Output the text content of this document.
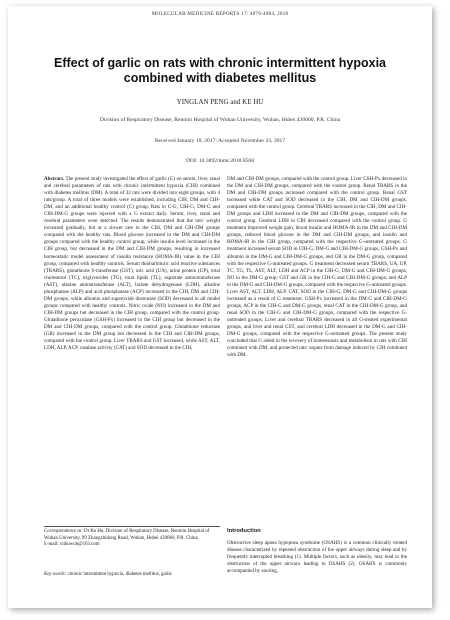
MOLECULAR MEDICINE REPORTS 17: 4076-4084, 2018
Effect of garlic on rats with chronic intermittent hypoxia combined with diabetes mellitus
YINGLAN PENG and KE HU
Division of Respiratory Disease, Renmin Hospital of Wuhan University, Wuhan, Hubei 430060, P.R. China
Received January 18, 2017; Accepted November 23, 2017
DOI: 10.3892/mmr.2018.8568
Abstract. The present study investigated the effect of garlic (G) on serum, liver, renal and cerebral parameters of rats with chronic intermittent hypoxia (CIH) combined with diabetes mellitus (DM). A total of 32 rats were divided into eight groups, with 4 rats/group. A total of three models were established, including CIH, DM and CIH-DM, and an additional healthy control (C) group. Rats in C-G, CIH-G, DM-G and CIH-DM-G groups were injected with a G extract daily. Serum, liver, renal and cerebral parameters were detected. The results demonstrated that the rats' weight increased gradually, but at a slower rate in the CIH, DM and CIH-DM groups compared with the healthy rats. Blood glucose increased in the DM and CIH-DM groups compared with the healthy control group, while insulin level increased in the CIH group, but decreased in the DM and CIH-DM groups, resulting in increased homeostatic model assessment of insulin resistance (HOMA-IR) value in the CIH group, compared with healthy controls. Serum thiobarbituric acid reactive substances (TBARS), glutathione S-transferase (GST), uric acid (UA), urine protein (UP), total cholesterol (TC), triglycerides (TG), total lipids (TL), aspartate aminotransferase (AST), alanine aminotransferase (ALT), lactate dehydrogenase (LDH), alkaline phosphatase (ALP) and acid phosphatase (ACP) increased in the CIH, DM and CIH-DM groups, while albumin and superoxide dismutase (SOD) decreased in all model groups compared with healthy controls. Nitric oxide (NO) increased in the DM and CIH-DM groups but decreased in the CIH group, compared with the control group. Glutathione peroxidase (GSH-Px) increased in the CIH group but decreased in the DM and CIH-DM groups, compared with the control group. Glutathione reductase (GR) increased in the DM group but decreased in the CIH and CIH-DM groups, compared with the control group. Liver TBARS and GST increased, while AST, ALT, LDH, ALP, ACP, catalase activity (CAT) and SOD decreased in the CIH,
DM and CIH-DM groups, compared with the control group. Liver GSH-Px decreased in the DM and CIH-DM groups, compared with the control group. Renal TBARS in the DM and CIH-DM groups increased compared with the control group. Renal GST increased while CAT and SOD decreased in the CIH, DM and CIH-DM groups, compared with the control group. Cerebral TBARS increased in the CIH, DM and CIH-DM groups and LDH increased in the DM and CIH-DM groups, compared with the control group. Cerebral LDH in CIH decreased compared with the control group. G treatment improved weight gain, blood insulin and HOMA-IR in the DM and CIH-DM groups, reduced blood glucose in the DM and CIH-DM groups, and insulin and HOMA-IR in the CIH group, compared with the respective G-untreated groups. G treatment increased serum SOD in CIH-G, DM-G and CIH-DM-G groups, GSH-Px and albumin in the DM-G and CIH-DM-G groups, and GR in the DM-G group, compared with the respective G-untreated groups. G treatment decreased serum TBARS, UA, UP, TC, TG, TL, AST, ALT, LDH and ACP in the CIH-G, DM-G and CIH-DM-G groups, NO in the DM-G group; GST and GR in the CIH-G and CIH-DM-G groups; and ALP in the DM-G and CIH-DM-G groups, compared with the respective G-untreated groups. Liver AST, ALT, LDH, ALP, CAT, SOD in the CIH-G, DM-G and CIH-DM-G groups increased as a result of G treatment. GSH-Px increased in the DM-G and CIH-DM-G groups, ACP in the CIH-G and DM-G groups, renal CAT in the CIH-DM-G group, and renal SOD in the CIH-G and CIH-DM-G groups, compared with the respective G-untreated groups. Liver and cerebral TBARS decreased in all G-treated experimental groups, and liver and renal GST, and cerebral LDH decreased in the DM-G and CIH-DM-G groups, compared with the respective G-untreated groups. The present study concluded that G aided in the recovery of homeostasis and metabolism in rats with CIH combined with DM, and protected rats' organs from damage induced by CIH combined with DM.
Correspondence to: Dr Ke Hu, Division of Respiratory Disease, Renmin Hospital of Wuhan University, 99 Zhangzhidong Road, Wuhan, Hubei 430060, P.R. China
E-mail: xuhuwuh@163.com
Key words: chronic intermittent hypoxia, diabetes mellitus, garlic
Introduction
Obstructive sleep apnea hypopnea syndrome (OSAHS) is a common clinically treated disease characterized by repeated obstruction of the upper airways during sleep and by frequently interrupted breathing (1). Multiple factors, such as obesity, may lead to the obstruction of the upper airways leading to OSAHS (2). OSAHS is commonly accompanied by snoring,
